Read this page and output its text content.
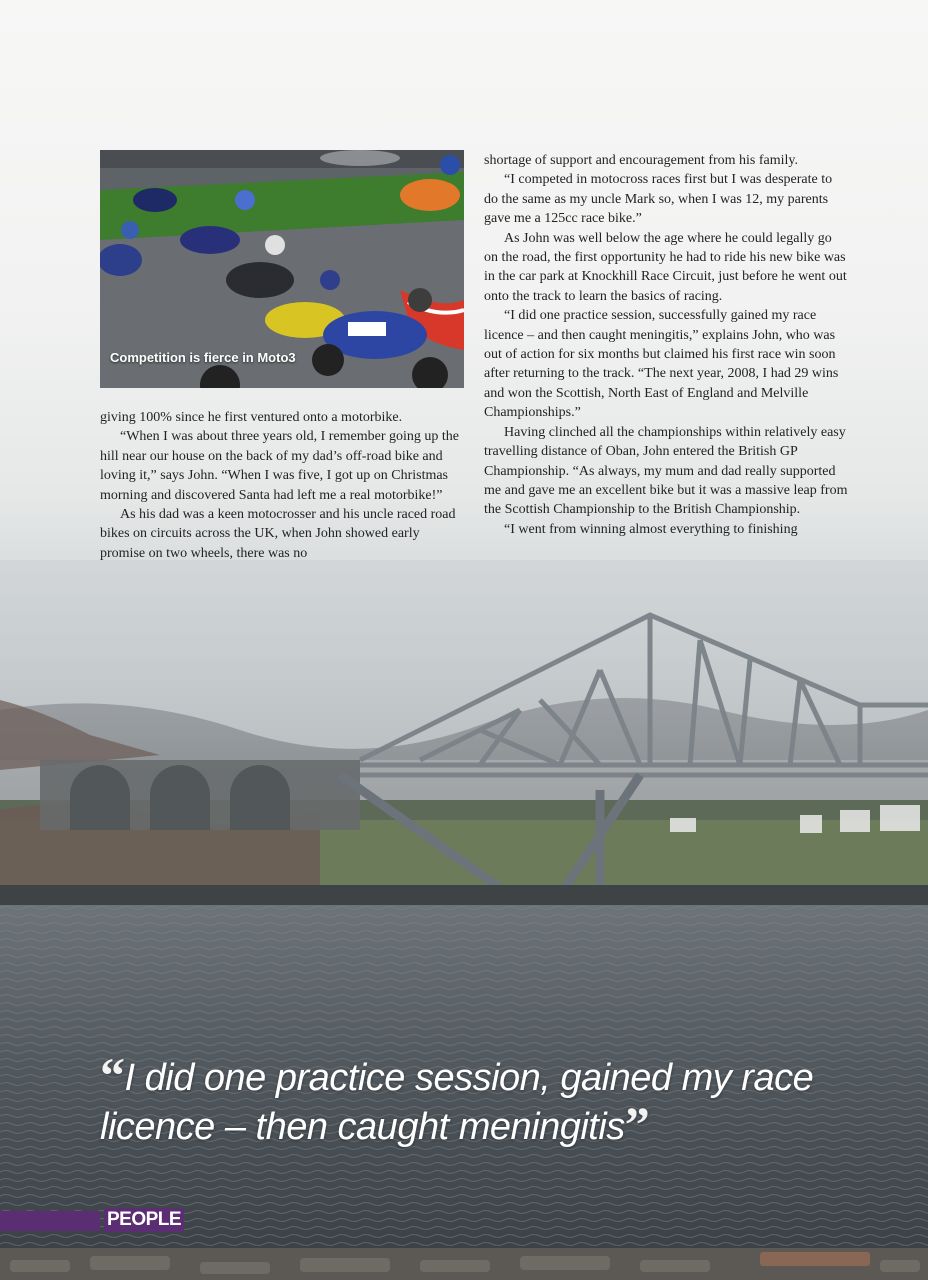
Competition is fierce in Moto3

giving 100% since he first ventured onto a motorbike.

“When I was about three years old, I remember going up the hill near our house on the back of my dad’s off-road bike and loving it,” says John. “When I was five, I got up on Christmas morning and discovered Santa had left me a real motorbike!”

As his dad was a keen motocrosser and his uncle raced road bikes on circuits across the UK, when John showed early promise on two wheels, there was no

shortage of support and encouragement from his family.

“I competed in motocross races first but I was desperate to do the same as my uncle Mark so, when I was 12, my parents gave me a 125cc race bike.”

As John was well below the age where he could legally go on the road, the first opportunity he had to ride his new bike was in the car park at Knockhill Race Circuit, just before he went out onto the track to learn the basics of racing.

“I did one practice session, successfully gained my race licence – and then caught meningitis,” explains John, who was out of action for six months but claimed his first race win soon after returning to the track. “The next year, 2008, I had 29 wins and won the Scottish, North East of England and Melville Championships.”

Having clinched all the championships within relatively easy travelling distance of Oban, John entered the British GP Championship. “As always, my mum and dad really supported me and gave me an excellent bike but it was a massive leap from the Scottish Championship to the British Championship.

“I went from winning almost everything to finishing

“I did one practice session, gained my race licence – then caught meningitis”
PEOPLE
